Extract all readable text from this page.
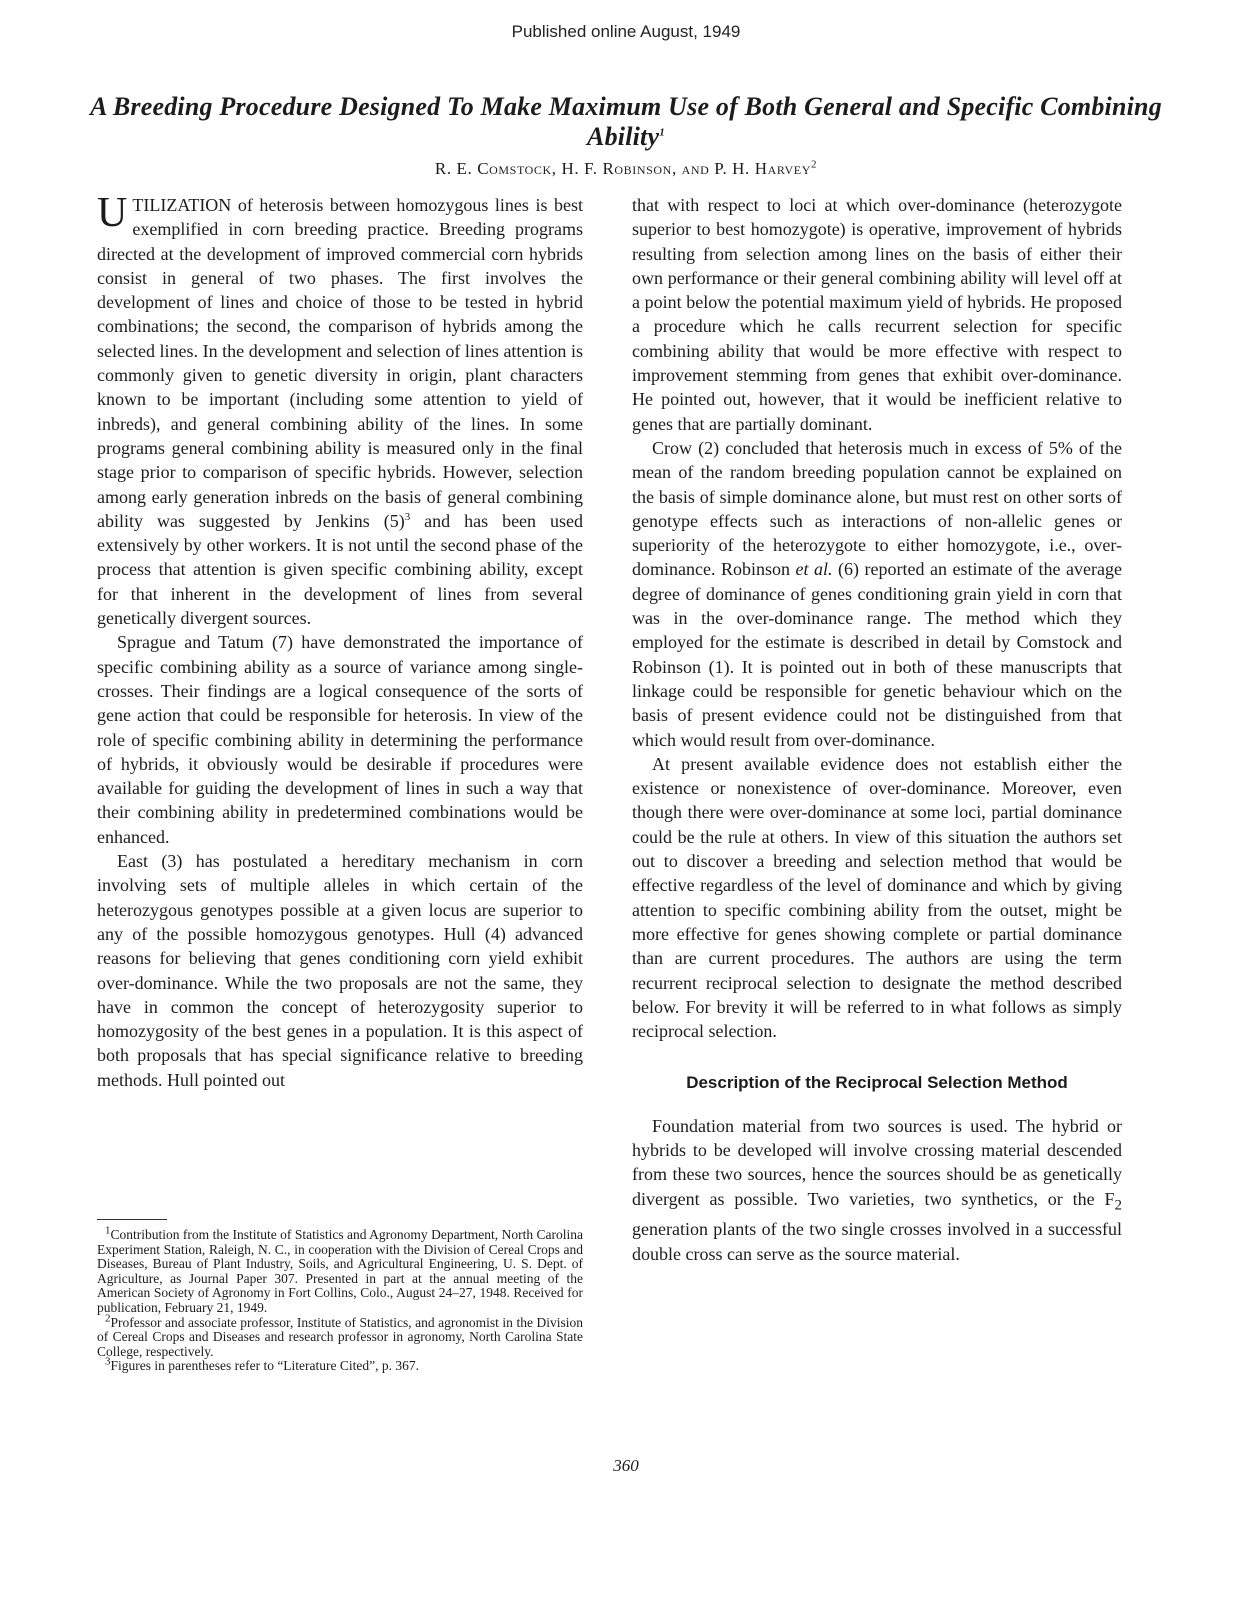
Published online August, 1949
A Breeding Procedure Designed To Make Maximum Use of Both General and Specific Combining Ability$^1$
R. E. Comstock, H. F. Robinson, and P. H. Harvey$^2$

UTILIZATION of heterosis between homozygous lines is best exemplified in corn breeding practice. Breeding programs directed at the development of improved commercial corn hybrids consist in general of two phases. The first involves the development of lines and choice of those to be tested in hybrid combinations; the second, the comparison of hybrids among the selected lines. In the development and selection of lines attention is commonly given to genetic diversity in origin, plant characters known to be important (including some attention to yield of inbreds), and general combining ability of the lines. In some programs general combining ability is measured only in the final stage prior to comparison of specific hybrids. However, selection among early generation inbreds on the basis of general combining ability was suggested by Jenkins $(5)^3$ and has been used extensively by other workers. It is not until the second phase of the process that attention is given specific combining ability, except for that inherent in the development of lines from several genetically divergent sources.

Sprague and Tatum (7) have demonstrated the importance of specific combining ability as a source of variance among single-crosses. Their findings are a logical consequence of the sorts of gene action that could be responsible for heterosis. In view of the role of specific combining ability in determining the performance of hybrids, it obviously would be desirable if procedures were available for guiding the development of lines in such a way that their combining ability in predetermined combinations would be enhanced.

East (3) has postulated a hereditary mechanism in corn involving sets of multiple alleles in which certain of the heterozygous genotypes possible at a given locus are superior to any of the possible homozygous genotypes. Hull (4) advanced reasons for believing that genes conditioning corn yield exhibit over-dominance. While the two proposals are not the same, they have in common the concept of heterozygosity superior to homozygosity of the best genes in a population. It is this aspect of both proposals that has special significance relative to breeding methods. Hull pointed out

$^1$Contribution from the Institute of Statistics and Agronomy Department, North Carolina Experiment Station, Raleigh, N. C., in cooperation with the Division of Cereal Crops and Diseases, Bureau of Plant Industry, Soils, and Agricultural Engineering, U. S. Dept. of Agriculture, as Journal Paper 307. Presented in part at the annual meeting of the American Society of Agronomy in Fort Collins, Colo., August 24–27, 1948. Received for publication, February 21, 1949.

$^2$Professor and associate professor, Institute of Statistics, and agronomist in the Division of Cereal Crops and Diseases and research professor in agronomy, North Carolina State College, respectively.

$^3$Figures in parentheses refer to “Literature Cited”, p. 367.

that with respect to loci at which over-dominance (heterozygote superior to best homozygote) is operative, improvement of hybrids resulting from selection among lines on the basis of either their own performance or their general combining ability will level off at a point below the potential maximum yield of hybrids. He proposed a procedure which he calls recurrent selection for specific combining ability that would be more effective with respect to improvement stemming from genes that exhibit over-dominance. He pointed out, however, that it would be inefficient relative to genes that are partially dominant.

Crow (2) concluded that heterosis much in excess of 5% of the mean of the random breeding population cannot be explained on the basis of simple dominance alone, but must rest on other sorts of genotype effects such as interactions of non-allelic genes or superiority of the heterozygote to either homozygote, i.e., over-dominance. Robinson et al. (6) reported an estimate of the average degree of dominance of genes conditioning grain yield in corn that was in the over-dominance range. The method which they employed for the estimate is described in detail by Comstock and Robinson (1). It is pointed out in both of these manuscripts that linkage could be responsible for genetic behaviour which on the basis of present evidence could not be distinguished from that which would result from over-dominance.

At present available evidence does not establish either the existence or nonexistence of over-dominance. Moreover, even though there were over-dominance at some loci, partial dominance could be the rule at others. In view of this situation the authors set out to discover a breeding and selection method that would be effective regardless of the level of dominance and which by giving attention to specific combining ability from the outset, might be more effective for genes showing complete or partial dominance than are current procedures. The authors are using the term recurrent reciprocal selection to designate the method described below. For brevity it will be referred to in what follows as simply reciprocal selection.

Description of the Reciprocal Selection Method

Foundation material from two sources is used. The hybrid or hybrids to be developed will involve crossing material descended from these two sources, hence the sources should be as genetically divergent as possible. Two varieties, two synthetics, or the $F_2$ generation plants of the two single crosses involved in a successful double cross can serve as the source material.

360
